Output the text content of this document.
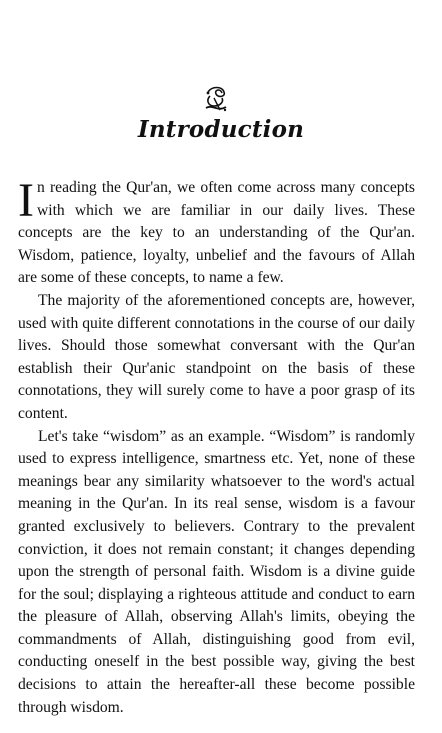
Introduction

In reading the Qur'an, we often come across many concepts with which we are familiar in our daily lives. These concepts are the key to an understanding of the Qur'an. Wisdom, patience, loyalty, unbelief and the favours of Allah are some of these concepts, to name a few.

The majority of the aforementioned concepts are, however, used with quite different connotations in the course of our daily lives. Should those somewhat conversant with the Qur'an establish their Qur'anic standpoint on the basis of these connotations, they will surely come to have a poor grasp of its content.

Let's take “wisdom” as an example. “Wisdom” is randomly used to express intelligence, smartness etc. Yet, none of these meanings bear any similarity whatsoever to the word's actual meaning in the Qur'an. In its real sense, wisdom is a favour granted exclusively to believers. Contrary to the prevalent conviction, it does not remain constant; it changes depending upon the strength of personal faith. Wisdom is a divine guide for the soul; displaying a righteous attitude and conduct to earn the pleasure of Allah, observing Allah's limits, obeying the commandments of Allah, distinguishing good from evil, conducting oneself in the best possible way, giving the best decisions to attain the hereafter-all these become possible through wisdom.
